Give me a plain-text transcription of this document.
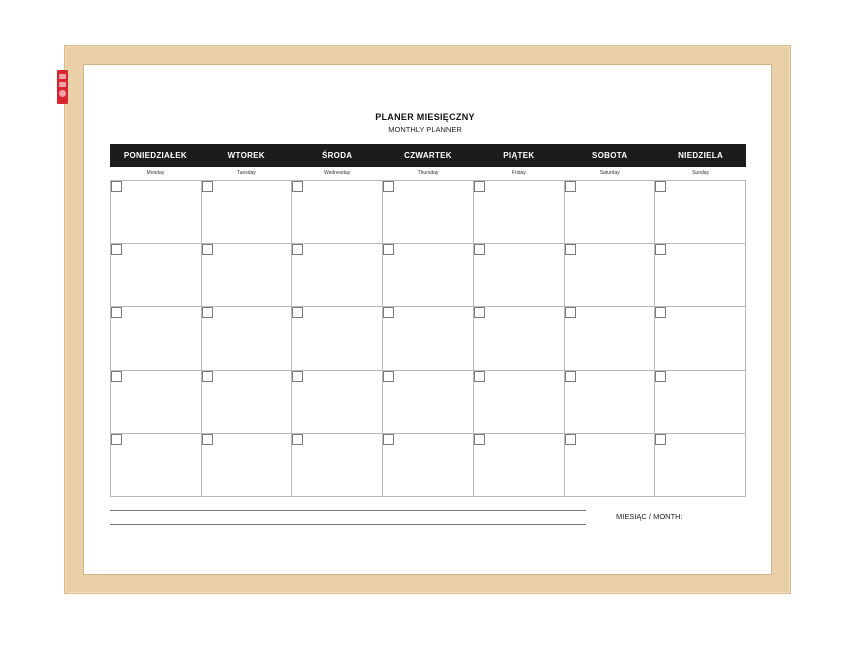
PLANER MIESIĘCZNY
MONTHLY PLANNER
PONIEDZIAŁEK	WTOREK	ŚRODA	CZWARTEK	PIĄTEK	SOBOTA	NIEDZIELA
Monday	Tuesday	Wednesday	Thursday	Friday	Saturday	Sunday
MIESIĄC / MONTH:
